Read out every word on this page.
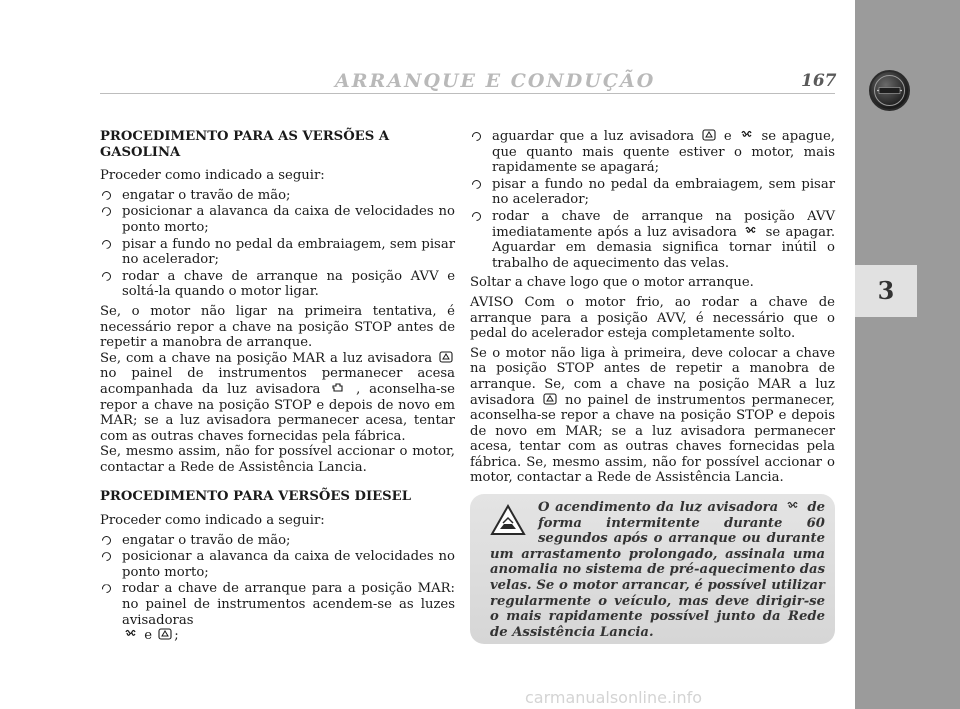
ARRANQUE E CONDUÇÃO	167
3
PROCEDIMENTO PARA AS VERSÕES A GASOLINA

Proceder como indicado a seguir:

engatar o travão de mão;
posicionar a alavanca da caixa de velocidades no ponto morto;
pisar a fundo no pedal da embraiagem, sem pisar no acelerador;
rodar a chave de arranque na posição AVV e soltá-la quando o motor ligar.

Se, o motor não ligar na primeira tentativa, é necessário repor a chave na posição STOP antes de repetir a manobra de arranque.

Se, com a chave na posição MAR a luz avisadora  no painel de instrumentos permanecer acesa acompanhada da luz avisadora	, aconselha-se repor a chave na posição STOP e depois de novo em MAR; se a luz avisadora permanecer acesa, tentar com as outras chaves fornecidas pela fábrica.

Se, mesmo assim, não for possível accionar o motor, contactar a Rede de Assistência Lancia.

PROCEDIMENTO PARA VERSÕES DIESEL

Proceder como indicado a seguir:

engatar o travão de mão;
posicionar a alavanca da caixa de velocidades no ponto morto;
rodar a chave de arranque para a posição MAR: no painel de instrumentos acendem-se as luzes avisadoras
e ;
aguardar que a luz avisadora e se apague, que quanto mais quente estiver o motor, mais rapidamente se apagará;
pisar a fundo no pedal da embraiagem, sem pisar no acelerador;
rodar a chave de arranque na posição AVV imediatamente após a luz avisadora se apagar. Aguardar em demasia significa tornar inútil o trabalho de aquecimento das velas.

Soltar a chave logo que o motor arranque.

AVISO Com o motor frio, ao rodar a chave de arranque para a posição AVV, é necessário que o pedal do acelerador esteja completamente solto.

Se o motor não liga à primeira, deve colocar a chave na posição STOP antes de repetir a manobra de arranque. Se, com a chave na posição MAR a luz avisadora no painel de instrumentos permanecer, aconselha-se repor a chave na posição STOP e depois de novo em MAR; se a luz avisadora permanecer acesa, tentar com as outras chaves fornecidas pela fábrica. Se, mesmo assim, não for possível accionar o motor, contactar a Rede de Assistência Lancia.

O acendimento da luz avisadora de forma intermitente durante 60 segundos após o arranque ou durante um arrastamento prolongado, assinala uma anomalia no sistema de pré-aquecimento das velas. Se o motor arrancar, é possível utilizar regularmente o veículo, mas deve dirigir-se o mais rapidamente possível junto da Rede de Assistência Lancia.
carmanualsonline.info
